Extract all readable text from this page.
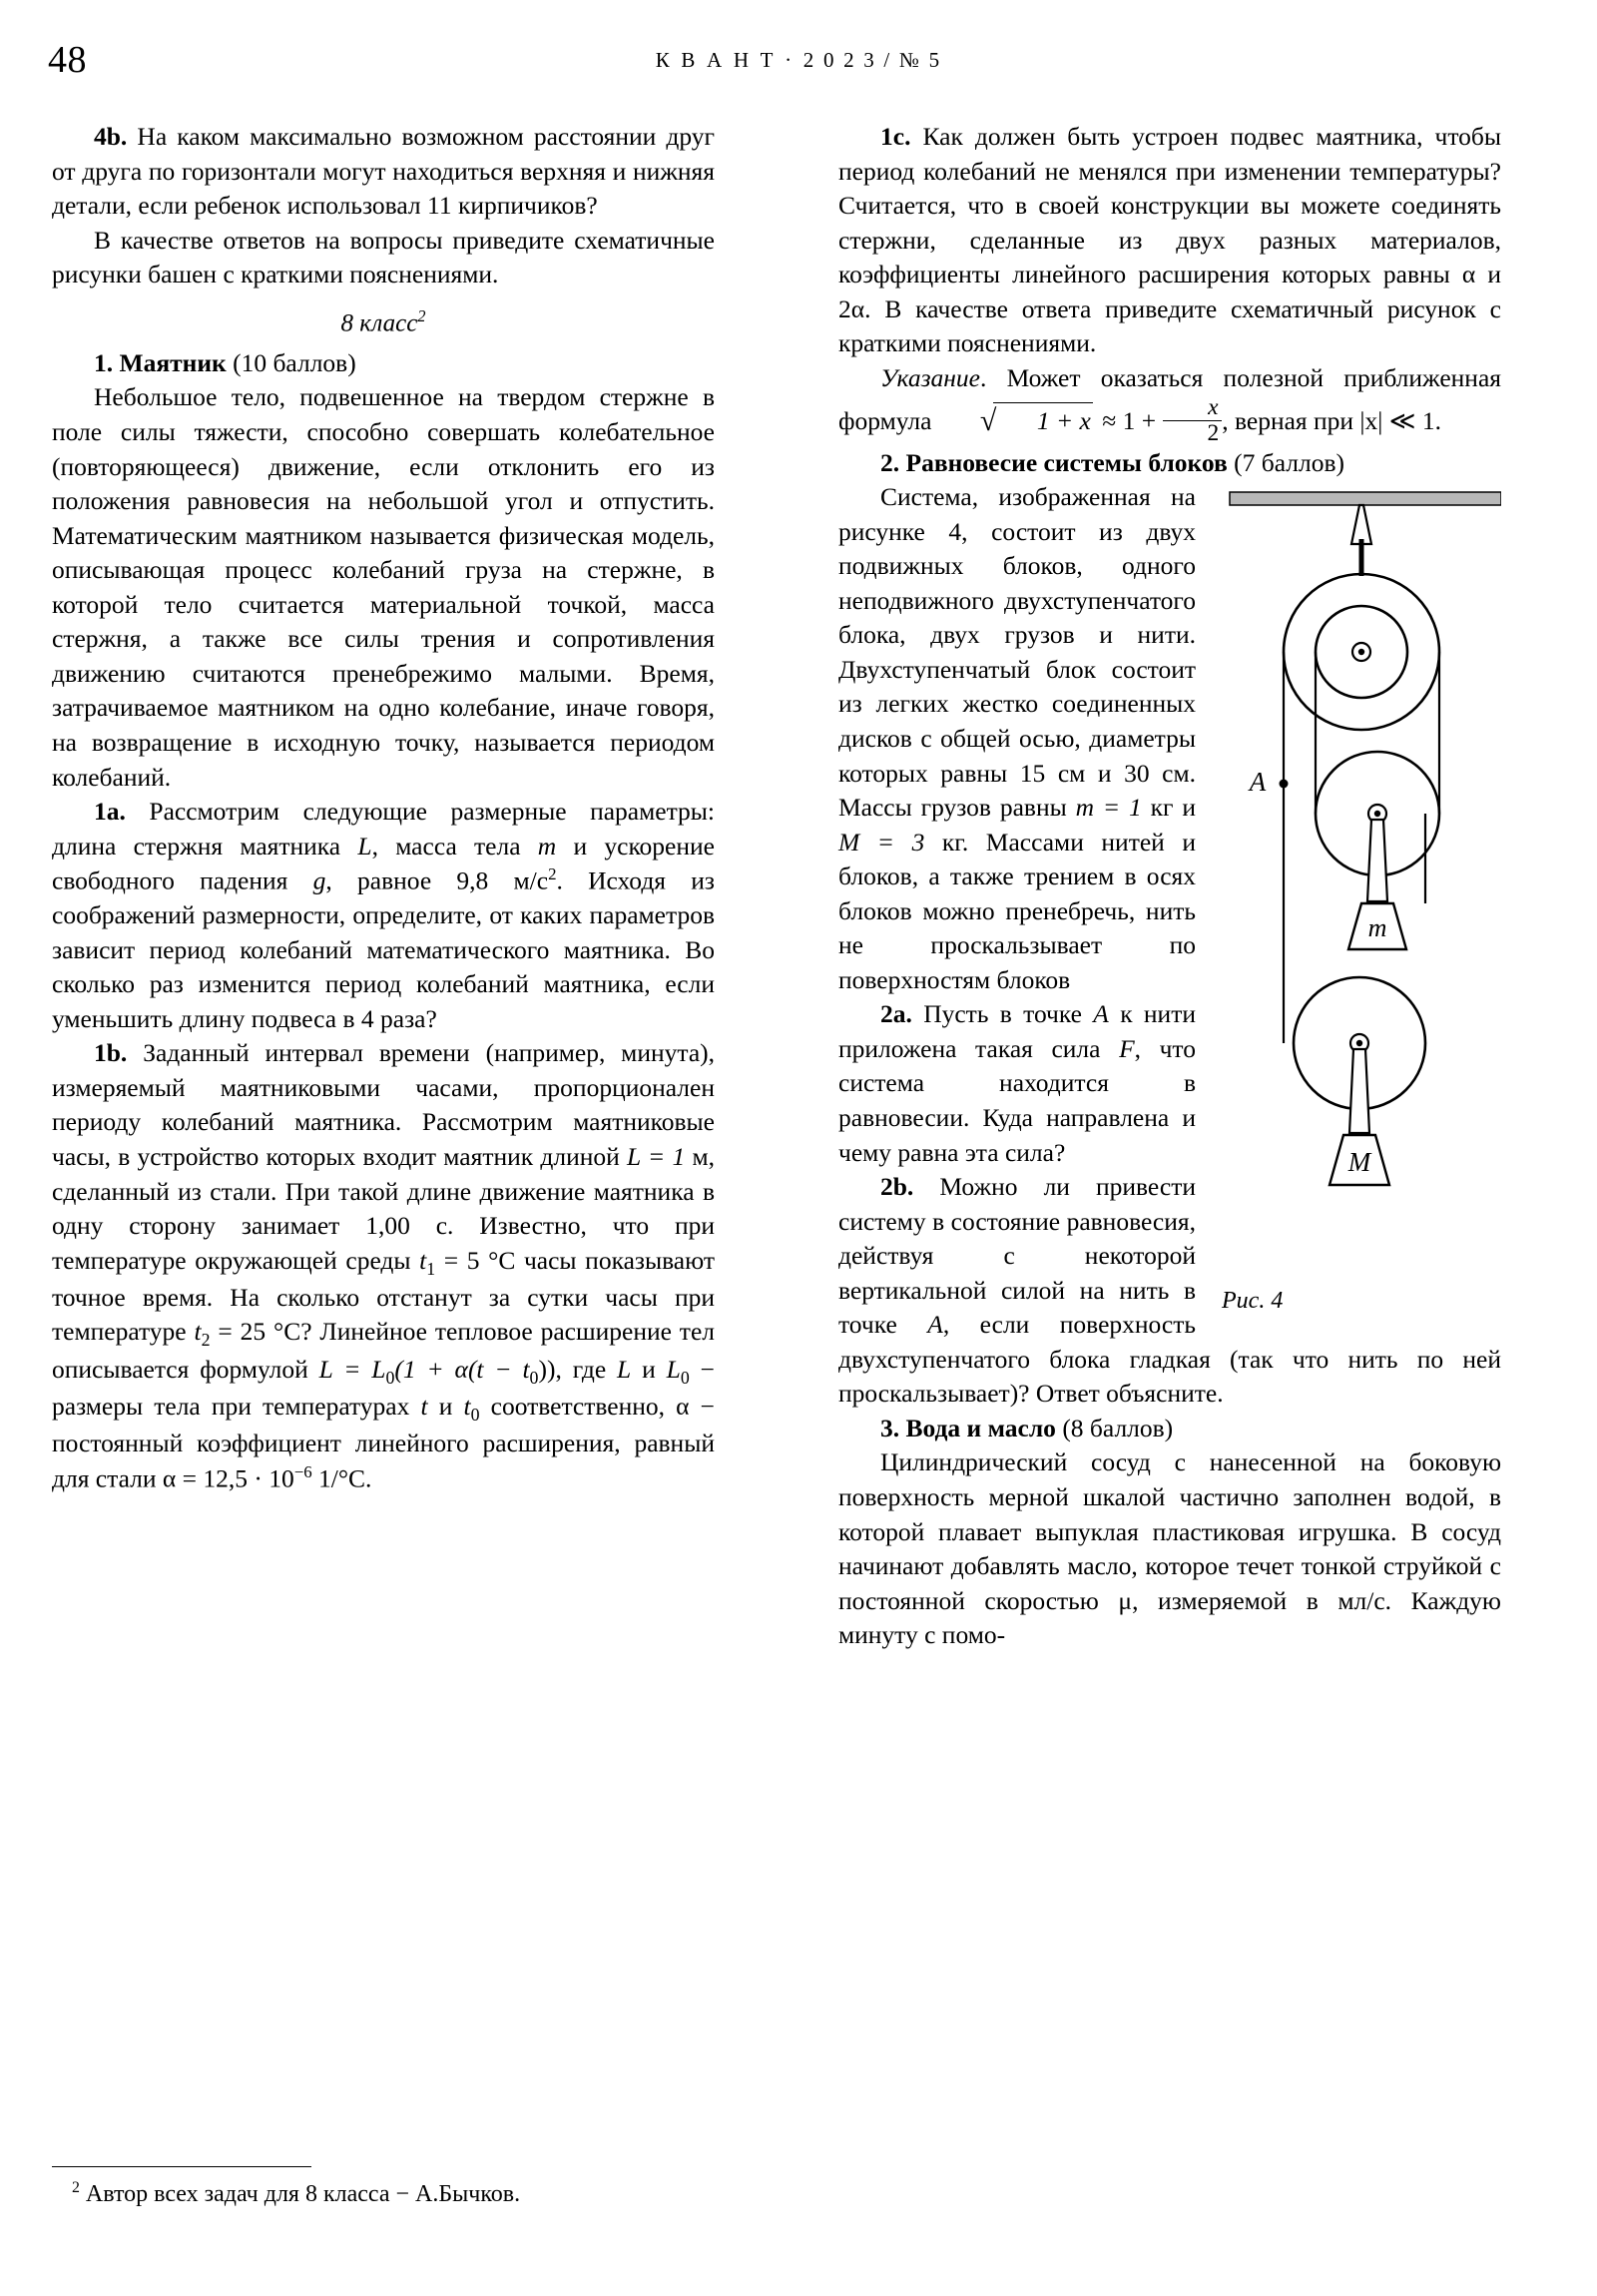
48	К В А Н Т · 2 0 2 3 / № 5

4b. На каком максимально возможном расстоянии друг от друга по горизонтали могут находиться верхняя и нижняя детали, если ребенок использовал 11 кирпичиков?

В качестве ответов на вопросы приведите схематичные рисунки башен с краткими пояснениями.

8 класс$^2$

1. Маятник (10 баллов)

Небольшое тело, подвешенное на твердом стержне в поле силы тяжести, способно совершать колебательное (повторяющееся) движение, если отклонить его из положения равновесия на небольшой угол и отпустить. Математическим маятником называется физическая модель, описывающая процесс колебаний груза на стержне, в которой тело считается материальной точкой, масса стержня, а также все силы трения и сопротивления движению считаются пренебрежимо малыми. Время, затрачиваемое маятником на одно колебание, иначе говоря, на возвращение в исходную точку, называется периодом колебаний.

1a. Рассмотрим следующие размерные параметры: длина стержня маятника L, масса тела m и ускорение свободного падения g, равное 9,8 $м/с^2$. Исходя из соображений размерности, определите, от каких параметров зависит период колебаний математического маятника. Во сколько раз изменится период колебаний маятника, если уменьшить длину подвеса в 4 раза?

1b. Заданный интервал времени (например, минута), измеряемый маятниковыми часами, пропорционален периоду колебаний маятника. Рассмотрим маятниковые часы, в устройство которых входит маятник длиной L = 1 м, сделанный из стали. При такой длине движение маятника в одну сторону занимает 1,00 с. Известно, что при температуре окружающей среды $t_1 = 5$ °C часы показывают точное время. На сколько отстанут за сутки часы при температуре $t_2 = 25$ °C? Линейное тепловое расширение тел описывается формулой $L = L_0(1 + \alpha(t - t_0))$, где L и $L_0$ − размеры тела при температурах t и $t_0$ соответственно, α − постоянный коэффициент линейного расширения, равный для стали $\alpha = 12,5 \cdot 10^{-6}$ 1/°C.

1c. Как должен быть устроен подвес маятника, чтобы период колебаний не менялся при изменении температуры? Считается, что в своей конструкции вы можете соединять стержни, сделанные из двух разных материалов, коэффициенты линейного расширения которых равны α и 2α. В качестве ответа приведите схематичный рисунок с краткими пояснениями.

Указание. Может оказаться полезной приближенная формула	√ $1 + x \approx 1 + \frac{x}{2}$ , верная при |x| ≪ 1.

2. Равновесие системы блоков (7 баллов)

m
M
A
Рис. 4

Система, изображенная на рисунке 4, состоит из двух подвижных блоков, одного неподвижного двухступенчатого блока, двух грузов и нити. Двухступенчатый блок состоит из легких жестко соединенных дисков с общей осью, диаметры которых равны 15 см и 30 см. Массы грузов равны m = 1 кг и M = 3 кг. Массами нитей и блоков, а также трением в осях блоков можно пренебречь, нить не проскальзывает по поверхностям блоков

2a. Пусть в точке A к нити приложена такая сила F, что система находится в равновесии. Куда направлена и чему равна эта сила?

2b. Можно ли привести систему в состояние равновесия, действуя с некоторой вертикальной силой на нить в точке A, если поверхность двухступенчатого блока гладкая (так что нить по ней проскальзывает)? Ответ объясните.

3. Вода и масло (8 баллов)

Цилиндрический сосуд с нанесенной на боковую поверхность мерной шкалой частично заполнен водой, в которой плавает выпуклая пластиковая игрушка. В сосуд начинают добавлять масло, которое течет тонкой струйкой с постоянной скоростью μ, измеряемой в мл/с. Каждую минуту с помо-

$^2$ Автор всех задач для 8 класса − А.Бычков.
